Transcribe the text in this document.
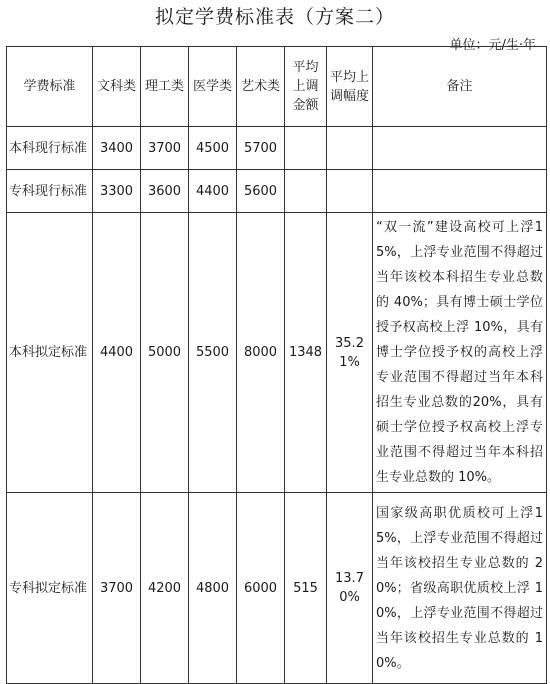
拟定学费标准表（方案二）
单位：元/生·年
学费标准	文科类	理工类	医学类	艺术类	平均上调金额	平均上调幅度	备注
本科现行标准	3400	3700	4500	5700			
专科现行标准	3300	3600	4400	5600			
本科拟定标准	4400	5000	5500	8000	1348	35.21%	“双一流”建设高校可上浮15%，上浮专业范围不得超过当年该校本科招生专业总数的 40%；具有博士硕士学位授予权高校上浮 10%，具有博士学位授予权的高校上浮专业范围不得超过当年本科招生专业总数的20%，具有硕士学位授予权高校上浮专业范围不得超过当年本科招生专业总数的 10%。
专科拟定标准	3700	4200	4800	6000	515	13.70%	国家级高职优质校可上浮15%，上浮专业范围不得超过当年该校招生专业总数的 20%；省级高职优质校上浮 10%，上浮专业范围不得超过当年该校招生专业总数的 10%。
